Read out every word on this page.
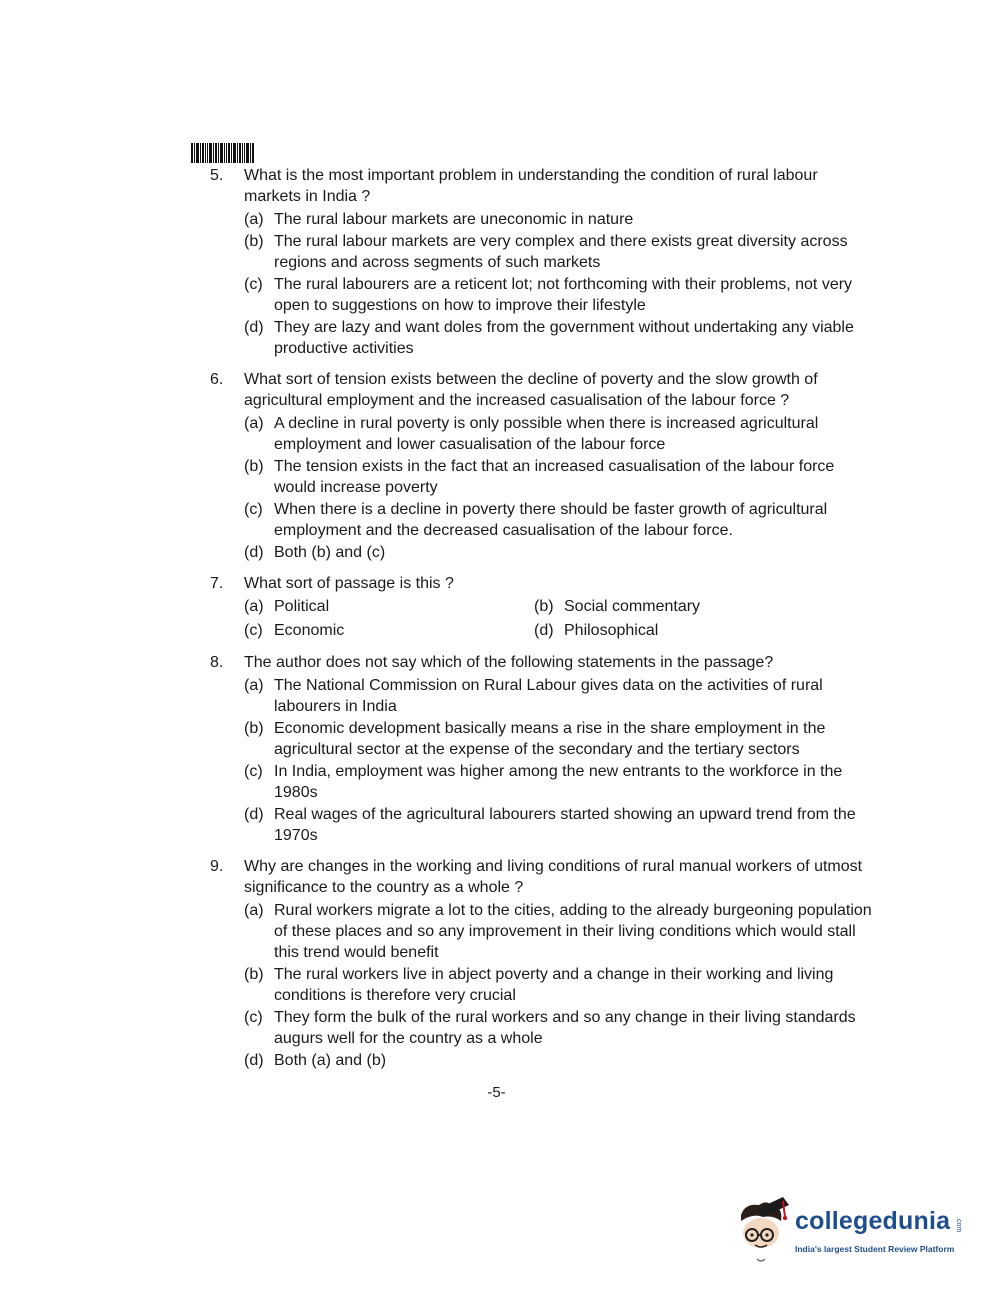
5. What is the most important problem in understanding the condition of rural labour markets in India ?
(a) The rural labour markets are uneconomic in nature
(b) The rural labour markets are very complex and there exists great diversity across regions and across segments of such markets
(c) The rural labourers are a reticent lot; not forthcoming with their problems, not very open to suggestions on how to improve their lifestyle
(d) They are lazy and want doles from the government without undertaking any viable productive activities
6. What sort of tension exists between the decline of poverty and the slow growth of agricultural employment and the increased casualisation of the labour force ?
(a) A decline in rural poverty is only possible when there is increased agricultural employment and lower casualisation of the labour force
(b) The tension exists in the fact that an increased casualisation of the labour force would increase poverty
(c) When there is a decline in poverty there should be faster growth of agricultural employment and the decreased casualisation of the labour force.
(d) Both (b) and (c)
7. What sort of passage is this ?
(a) Political	(b) Social commentary
(c) Economic	(d) Philosophical
8. The author does not say which of the following statements in the passage?
(a) The National Commission on Rural Labour gives data on the activities of rural labourers in India
(b) Economic development basically means a rise in the share employment in the agricultural sector at the expense of the secondary and the tertiary sectors
(c) In India, employment was higher among the new entrants to the workforce in the 1980s
(d) Real wages of the agricultural labourers started showing an upward trend from the 1970s
9. Why are changes in the working and living conditions of rural manual workers of utmost significance to the country as a whole ?
(a) Rural workers migrate a lot to the cities, adding to the already burgeoning population of these places and so any improvement in their living conditions which would stall this trend would benefit
(b) The rural workers live in abject poverty and a change in their working and living conditions is therefore very crucial
(c) They form the bulk of the rural workers and so any change in their living standards augurs well for the country as a whole
(d) Both (a) and (b)
-5-
collegedunia .com
India's largest Student Review Platform
